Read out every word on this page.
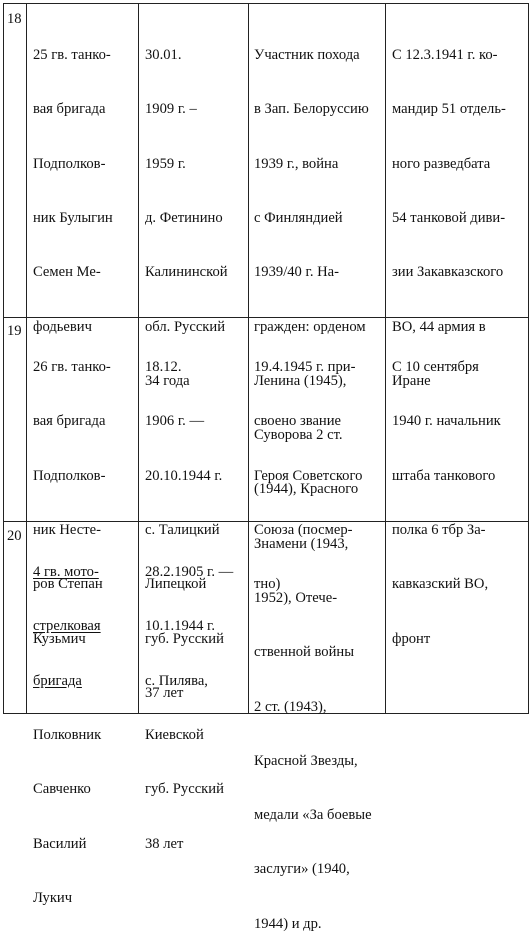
18

25 гв. танко-

вая бригада

Подполков-

ник Булыгин

Семен Ме-

фодьевич

30.01.

1909 г. –

1959 г.

д. Фетинино

Калининской

обл. Русский

34 года

Участник похода

в Зап. Белоруссию

1939 г., война

с Финляндией

1939/40 г. На-

гражден: орденом

Ленина (1945),

Суворова 2 ст.

(1944), Красного

Знамени (1943,

1952), Отече-

ственной войны

2 ст. (1943),

Красной Звезды,

медали «За боевые

заслуги» (1940,

1944) и др.

С 12.3.1941 г. ко-

мандир 51 отдель-

ного разведбата

54 танковой диви-

зии Закавказского

ВО, 44 армия в

Иране

19

26 гв. танко-

вая бригада

Подполков-

ник Несте-

ров Степан

Кузьмич

18.12.

1906 г. —

20.10.1944 г.

с. Талицкий

Липецкой

губ. Русский

37 лет

19.4.1945 г. при-

своено звание

Героя Советского

Союза (посмер-

тно)

С 10 сентября

1940 г. начальник

штаба танкового

полка 6 тбр За-

кавказский ВО,

фронт

20

4 гв. мото-

стрелковая

бригада

Полковник

Савченко

Василий

Лукич

28.2.1905 г. —

10.1.1944 г.

с. Пилява,

Киевской

губ. Русский

38 лет
